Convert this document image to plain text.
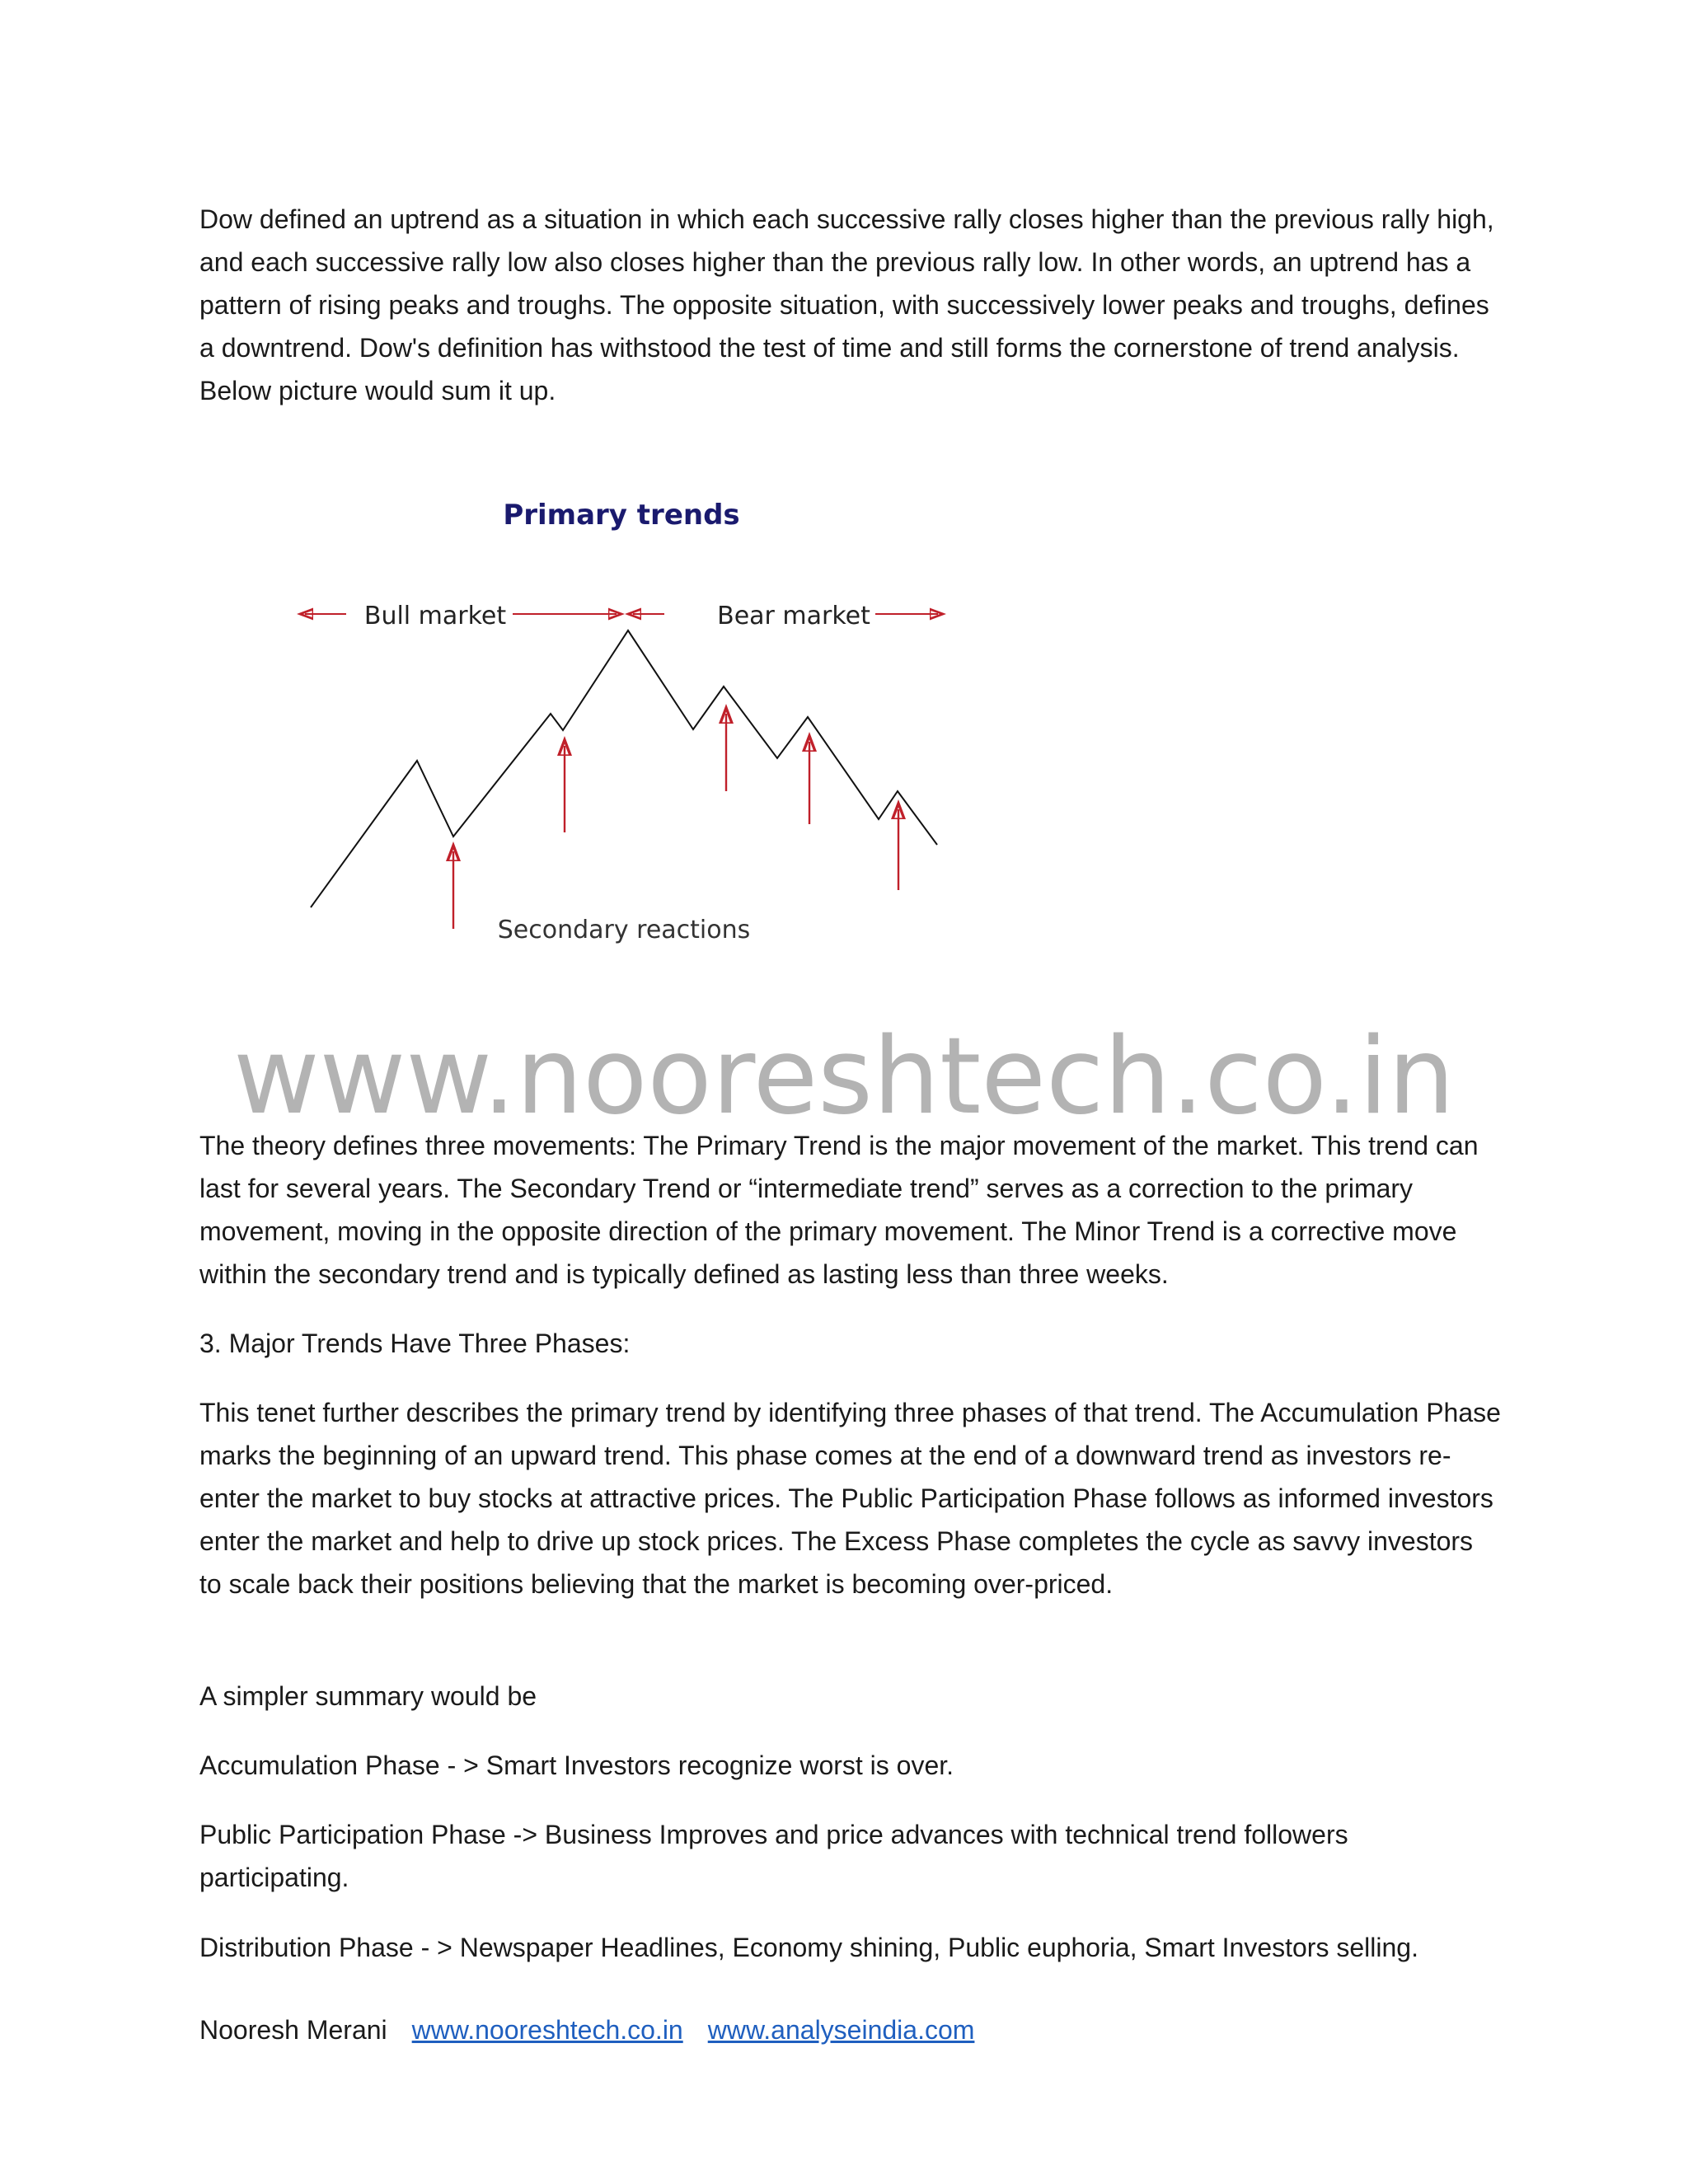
Dow defined an uptrend as a situation in which each successive rally closes higher than the previous rally high, and each successive rally low also closes higher than the previous rally low. In other words, an uptrend has a pattern of rising peaks and troughs. The opposite situation, with successively lower peaks and troughs, defines a downtrend. Dow's definition has withstood the test of time and still forms the cornerstone of trend analysis. Below picture would sum it up.

Primary trends
Bull market	Bear market
Secondary reactions
www.nooreshtech.co.in

The theory defines three movements: The Primary Trend is the major movement of the market. This trend can last for several years. The Secondary Trend or “intermediate trend” serves as a correction to the primary movement, moving in the opposite direction of the primary movement. The Minor Trend is a corrective move within the secondary trend and is typically defined as lasting less than three weeks.

3. Major Trends Have Three Phases:

This tenet further describes the primary trend by identifying three phases of that trend. The Accumulation Phase marks the beginning of an upward trend. This phase comes at the end of a downward trend as investors re-enter the market to buy stocks at attractive prices. The Public Participation Phase follows as informed investors enter the market and help to drive up stock prices. The Excess Phase completes the cycle as savvy investors to scale back their positions believing that the market is becoming over-priced.

A simpler summary would be

Accumulation Phase - > Smart Investors recognize worst is over.

Public Participation Phase -> Business Improves and price advances with technical trend followers participating.

Distribution Phase - > Newspaper Headlines, Economy shining, Public euphoria, Smart Investors selling.

Nooresh Merani www.nooreshtech.co.in www.analyseindia.com
